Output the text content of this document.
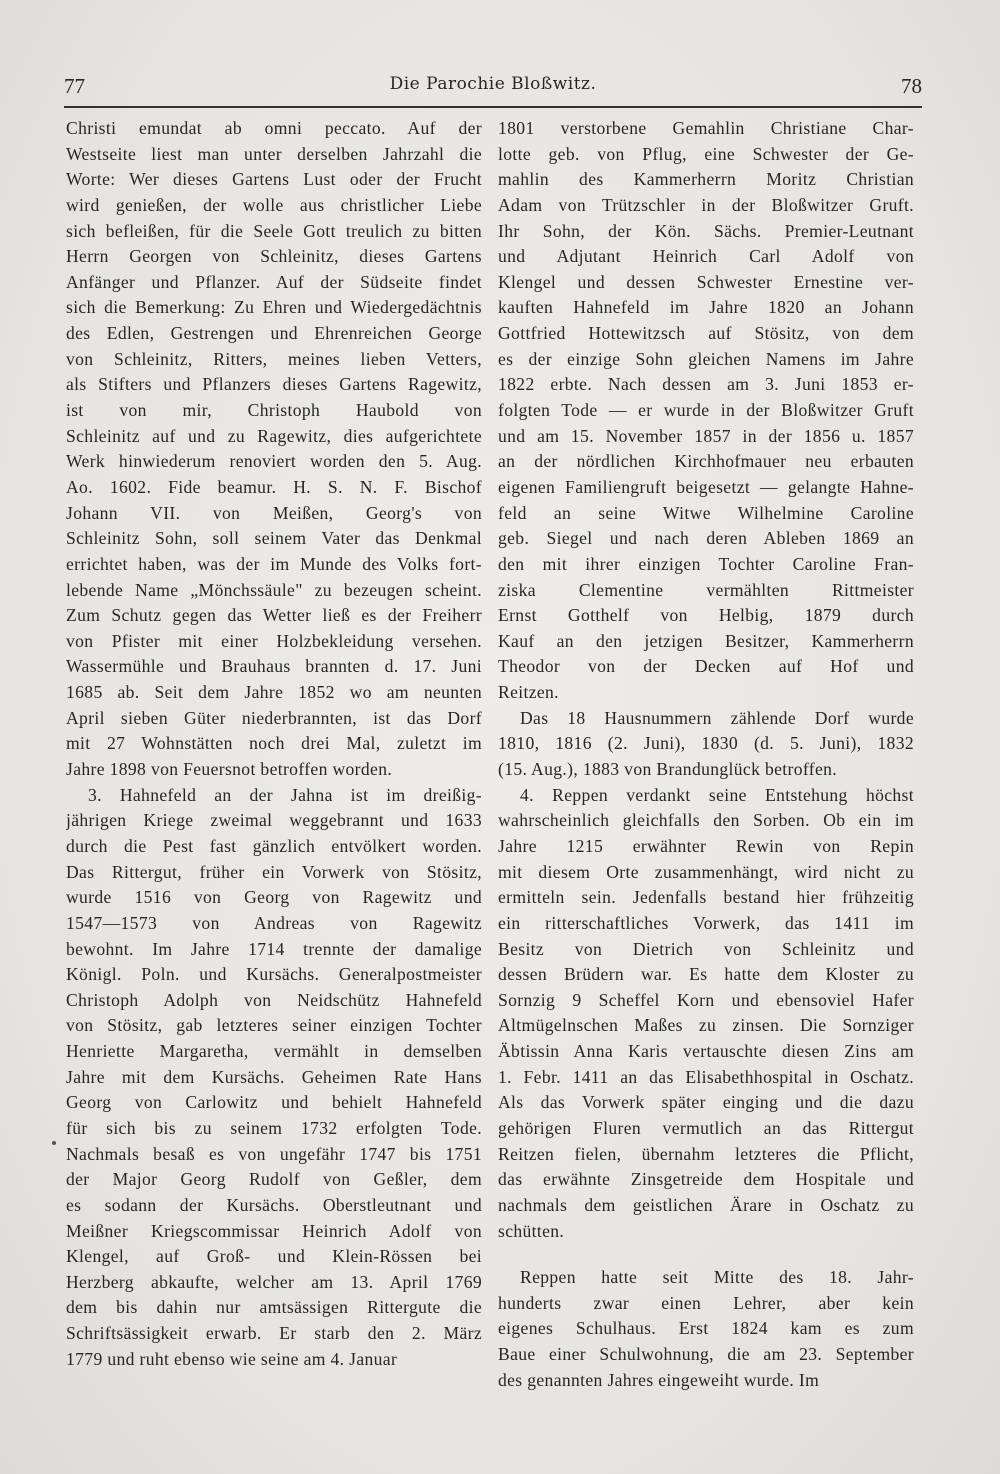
77	Die Parochie Bloßwitz.	78
Christi emundat ab omni peccato. Auf der
Westseite liest man unter derselben Jahrzahl die
Worte: Wer dieses Gartens Lust oder der Frucht
wird genießen, der wolle aus christlicher Liebe
sich befleißen, für die Seele Gott treulich zu bitten
Herrn Georgen von Schleinitz, dieses Gartens
Anfänger und Pflanzer. Auf der Südseite findet
sich die Bemerkung: Zu Ehren und Wiedergedächtnis
des Edlen, Gestrengen und Ehrenreichen George
von Schleinitz, Ritters, meines lieben Vetters,
als Stifters und Pflanzers dieses Gartens Ragewitz,
ist von mir, Christoph Haubold von
Schleinitz auf und zu Ragewitz, dies aufgerichtete
Werk hinwiederum renoviert worden den 5. Aug.
Ao. 1602. Fide beamur. H. S. N. F. Bischof
Johann VII. von Meißen, Georg's von
Schleinitz Sohn, soll seinem Vater das Denkmal
errichtet haben, was der im Munde des Volks fort-
lebende Name „Mönchssäule" zu bezeugen scheint.
Zum Schutz gegen das Wetter ließ es der Freiherr
von Pfister mit einer Holzbekleidung versehen.
Wassermühle und Brauhaus brannten d. 17. Juni
1685 ab. Seit dem Jahre 1852 wo am neunten
April sieben Güter niederbrannten, ist das Dorf
mit 27 Wohnstätten noch drei Mal, zuletzt im
Jahre 1898 von Feuersnot betroffen worden.
3. Hahnefeld an der Jahna ist im dreißig-
jährigen Kriege zweimal weggebrannt und 1633
durch die Pest fast gänzlich entvölkert worden.
Das Rittergut, früher ein Vorwerk von Stösitz,
wurde 1516 von Georg von Ragewitz und
1547—1573 von Andreas von Ragewitz
bewohnt. Im Jahre 1714 trennte der damalige
Königl. Poln. und Kursächs. Generalpostmeister
Christoph Adolph von Neidschütz Hahnefeld
von Stösitz, gab letzteres seiner einzigen Tochter
Henriette Margaretha, vermählt in demselben
Jahre mit dem Kursächs. Geheimen Rate Hans
Georg von Carlowitz und behielt Hahnefeld
für sich bis zu seinem 1732 erfolgten Tode.
Nachmals besaß es von ungefähr 1747 bis 1751
der Major Georg Rudolf von Geßler, dem
es sodann der Kursächs. Oberstleutnant und
Meißner Kriegscommissar Heinrich Adolf von
Klengel, auf Groß- und Klein-Rössen bei
Herzberg abkaufte, welcher am 13. April 1769
dem bis dahin nur amtsässigen Rittergute die
Schriftsässigkeit erwarb. Er starb den 2. März
1779 und ruht ebenso wie seine am 4. Januar
1801 verstorbene Gemahlin Christiane Char-
lotte geb. von Pflug, eine Schwester der Ge-
mahlin des Kammerherrn Moritz Christian
Adam von Trützschler in der Bloßwitzer Gruft.
Ihr Sohn, der Kön. Sächs. Premier-Leutnant
und Adjutant Heinrich Carl Adolf von
Klengel und dessen Schwester Ernestine ver-
kauften Hahnefeld im Jahre 1820 an Johann
Gottfried Hottewitzsch auf Stösitz, von dem
es der einzige Sohn gleichen Namens im Jahre
1822 erbte. Nach dessen am 3. Juni 1853 er-
folgten Tode — er wurde in der Bloßwitzer Gruft
und am 15. November 1857 in der 1856 u. 1857
an der nördlichen Kirchhofmauer neu erbauten
eigenen Familiengruft beigesetzt — gelangte Hahne-
feld an seine Witwe Wilhelmine Caroline
geb. Siegel und nach deren Ableben 1869 an
den mit ihrer einzigen Tochter Caroline Fran-
ziska Clementine vermählten Rittmeister
Ernst Gotthelf von Helbig, 1879 durch
Kauf an den jetzigen Besitzer, Kammerherrn
Theodor von der Decken auf Hof und
Reitzen.
Das 18 Hausnummern zählende Dorf wurde
1810, 1816 (2. Juni), 1830 (d. 5. Juni), 1832
(15. Aug.), 1883 von Brandunglück betroffen.
4. Reppen verdankt seine Entstehung höchst
wahrscheinlich gleichfalls den Sorben. Ob ein im
Jahre 1215 erwähnter Rewin von Repin
mit diesem Orte zusammenhängt, wird nicht zu
ermitteln sein. Jedenfalls bestand hier frühzeitig
ein ritterschaftliches Vorwerk, das 1411 im
Besitz von Dietrich von Schleinitz und
dessen Brüdern war. Es hatte dem Kloster zu
Sornzig 9 Scheffel Korn und ebensoviel Hafer
Altmügelnschen Maßes zu zinsen. Die Sornziger
Äbtissin Anna Karis vertauschte diesen Zins am
1. Febr. 1411 an das Elisabethhospital in Oschatz.
Als das Vorwerk später einging und die dazu
gehörigen Fluren vermutlich an das Rittergut
Reitzen fielen, übernahm letzteres die Pflicht,
das erwähnte Zinsgetreide dem Hospitale und
nachmals dem geistlichen Ärare in Oschatz zu
schütten.
Reppen hatte seit Mitte des 18. Jahr-
hunderts zwar einen Lehrer, aber kein
eigenes Schulhaus. Erst 1824 kam es zum
Baue einer Schulwohnung, die am 23. September
des genannten Jahres eingeweiht wurde. Im
